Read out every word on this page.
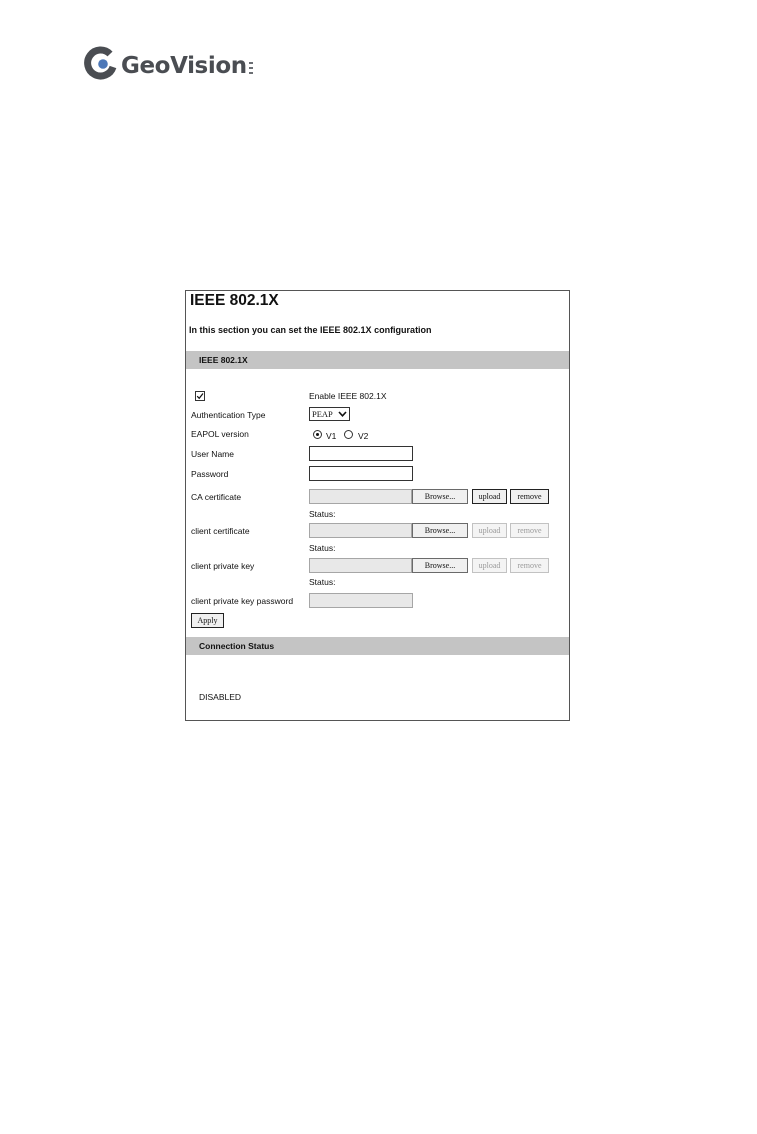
GeoVision
IEEE 802.1X
In this section you can set the IEEE 802.1X configuration
IEEE 802.1X
Enable IEEE 802.1X
Authentication Type	PEAP
EAPOL version	V1	V2
User Name
Password
CA certificate	Browse...	upload	remove
Status:
client certificate	Browse...	upload	remove
Status:
client private key	Browse...	upload	remove
Status:
client private key password
Apply
Connection Status
DISABLED
